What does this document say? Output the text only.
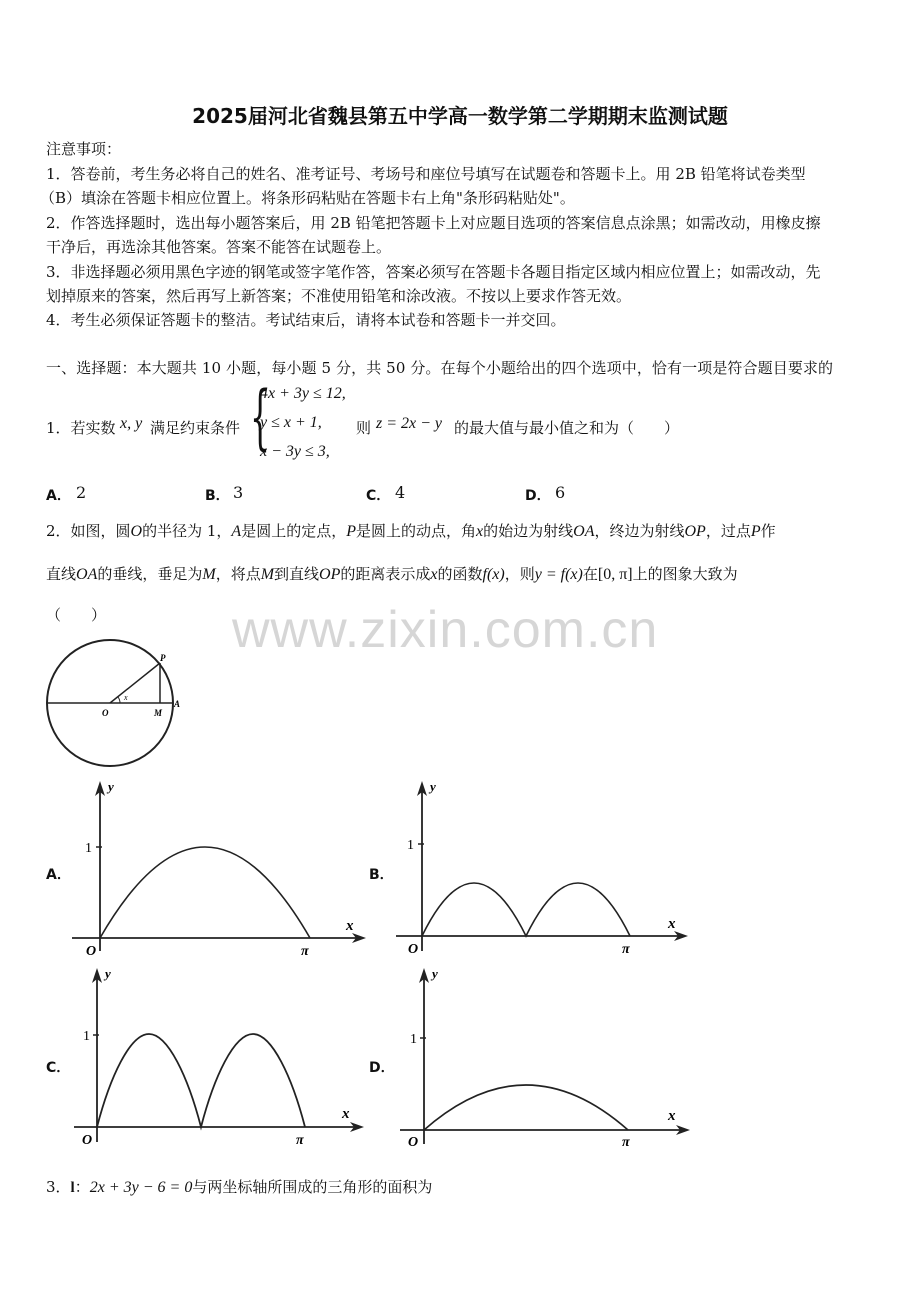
2025届河北省魏县第五中学高一数学第二学期期末监测试题
www.zixin.com.cn
注意事项：
1．答卷前，考生务必将自己的姓名、准考证号、考场号和座位号填写在试题卷和答题卡上。用 2B 铅笔将试卷类型
（B）填涂在答题卡相应位置上。将条形码粘贴在答题卡右上角"条形码粘贴处"。
2．作答选择题时，选出每小题答案后，用 2B 铅笔把答题卡上对应题目选项的答案信息点涂黑；如需改动，用橡皮擦
干净后，再选涂其他答案。答案不能答在试题卷上。
3．非选择题必须用黑色字迹的钢笔或签字笔作答，答案必须写在答题卡各题目指定区域内相应位置上；如需改动，先
划掉原来的答案，然后再写上新答案；不准使用铅笔和涂改液。不按以上要求作答无效。
4．考生必须保证答题卡的整洁。考试结束后，请将本试卷和答题卡一并交回。
一、选择题：本大题共 10 小题，每小题 5 分，共 50 分。在每个小题给出的四个选项中，恰有一项是符合题目要求的
1．若实数 x, y 满足约束条件 {
4x + 3y ≤ 12,
y ≤ x + 1,
x − 3y ≤ 3,
则 z = 2x − y 的最大值与最小值之和为（　　）
A． 2	B． 3	C． 4	D． 6
2．如图，圆O的半径为 1，A是圆上的定点，P是圆上的动点，角x的始边为射线OA，终边为射线OP，过点P作
直线OA的垂线，垂足为M，将点M到直线OP的距离表示成x的函数f(x)，则y = f(x)在[0, π]上的图象大致为
（　　）
O	M
A
P
x
A．
1
y
x
O	π
B．
1
y
x
O	π
C．
1
y
x
O	π
D．
1
y
x
O	π
3．l：2x + 3y − 6 = 0与两坐标轴所围成的三角形的面积为
